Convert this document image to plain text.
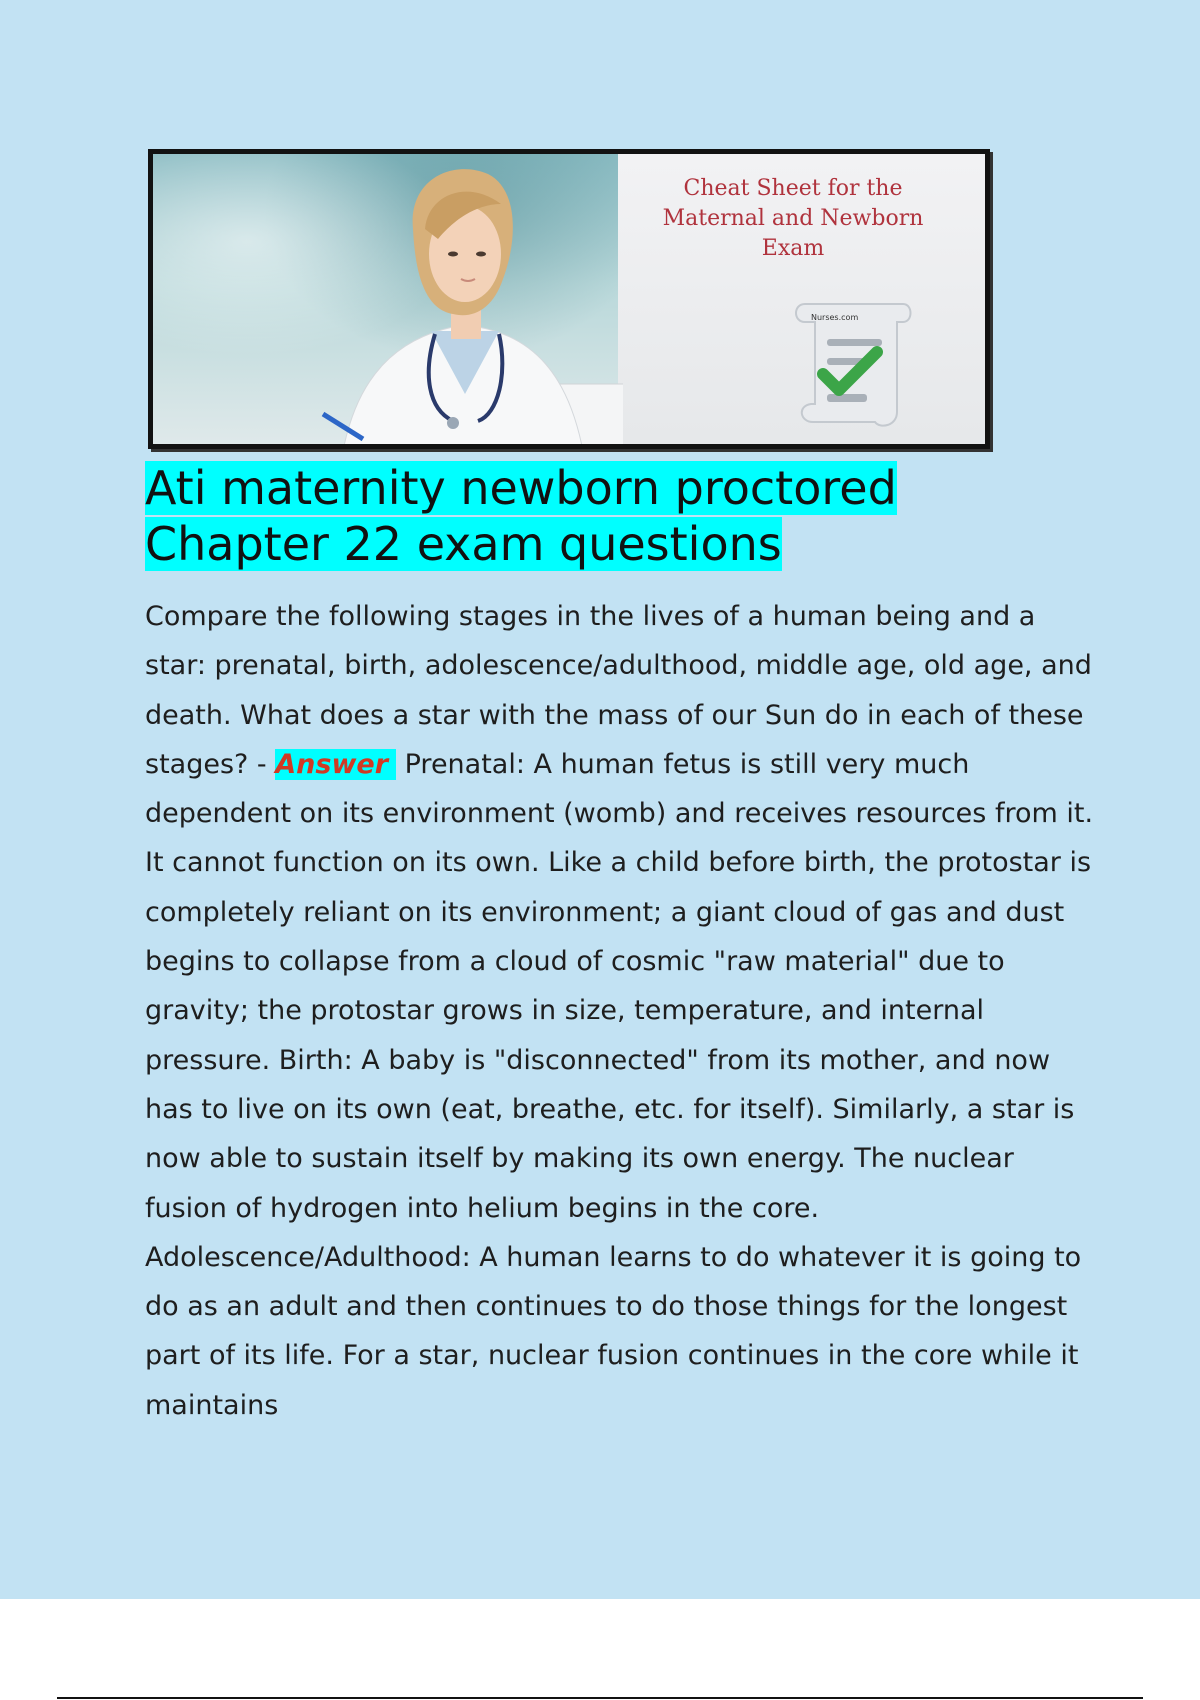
Cheat Sheet for the
Maternal and Newborn
Exam
Nurses.com
Ati maternity newborn proctored
Chapter 22 exam questions

Compare the following stages in the lives of a human being and a star: prenatal, birth, adolescence/adulthood, middle age, old age, and death. What does a star with the mass of our Sun do in each of these stages? - Answer Prenatal: A human fetus is still very much dependent on its environment (womb) and receives resources from it. It cannot function on its own. Like a child before birth, the protostar is completely reliant on its environment; a giant cloud of gas and dust begins to collapse from a cloud of cosmic "raw material" due to gravity; the protostar grows in size, temperature, and internal pressure. Birth: A baby is "disconnected" from its mother, and now has to live on its own (eat, breathe, etc. for itself). Similarly, a star is now able to sustain itself by making its own energy. The nuclear fusion of hydrogen into helium begins in the core. Adolescence/Adulthood: A human learns to do whatever it is going to do as an adult and then continues to do those things for the longest part of its life. For a star, nuclear fusion continues in the core while it maintains
